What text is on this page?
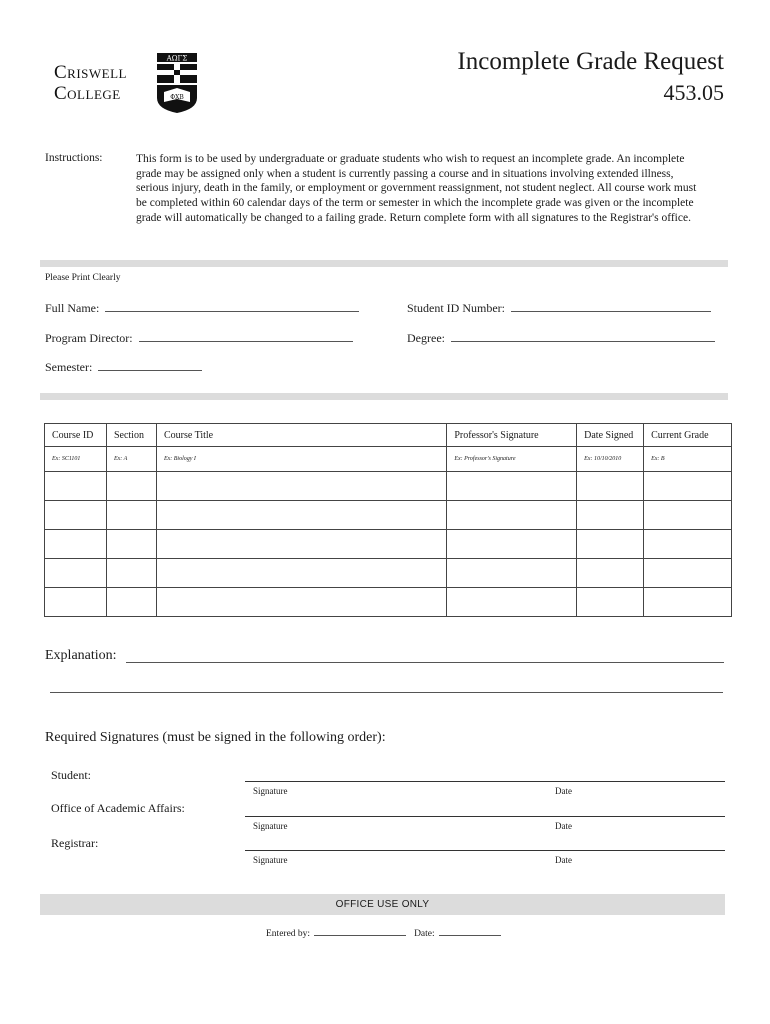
Criswell
College
ΑΩΓΣ
ΦΧΒ
Incomplete Grade Request
453.05
Instructions:	This form is to be used by undergraduate or graduate students who wish to request an incomplete grade. An incomplete grade may be assigned only when a student is currently passing a course and in situations involving extended illness, serious injury, death in the family, or employment or government reassignment, not student neglect. All course work must be completed within 60 calendar days of the term or semester in which the incomplete grade was given or the incomplete grade will automatically be changed to a failing grade. Return complete form with all signatures to the Registrar's office.
Please Print Clearly
Full Name:	Student ID Number:
Program Director:	Degree:
Semester:
Course ID	Section	Course Title	Professor's Signature	Date Signed	Current Grade
Ex: SC1101	Ex: A	Ex: Biology I	Ex: Professor's Signature	Ex: 10/10/2010	Ex: B

Explanation:
Required Signatures (must be signed in the following order):
Student:
Signature	Date
Office of Academic Affairs:
Signature	Date
Registrar:
Signature	Date
OFFICE USE ONLY
Entered by:	Date:
